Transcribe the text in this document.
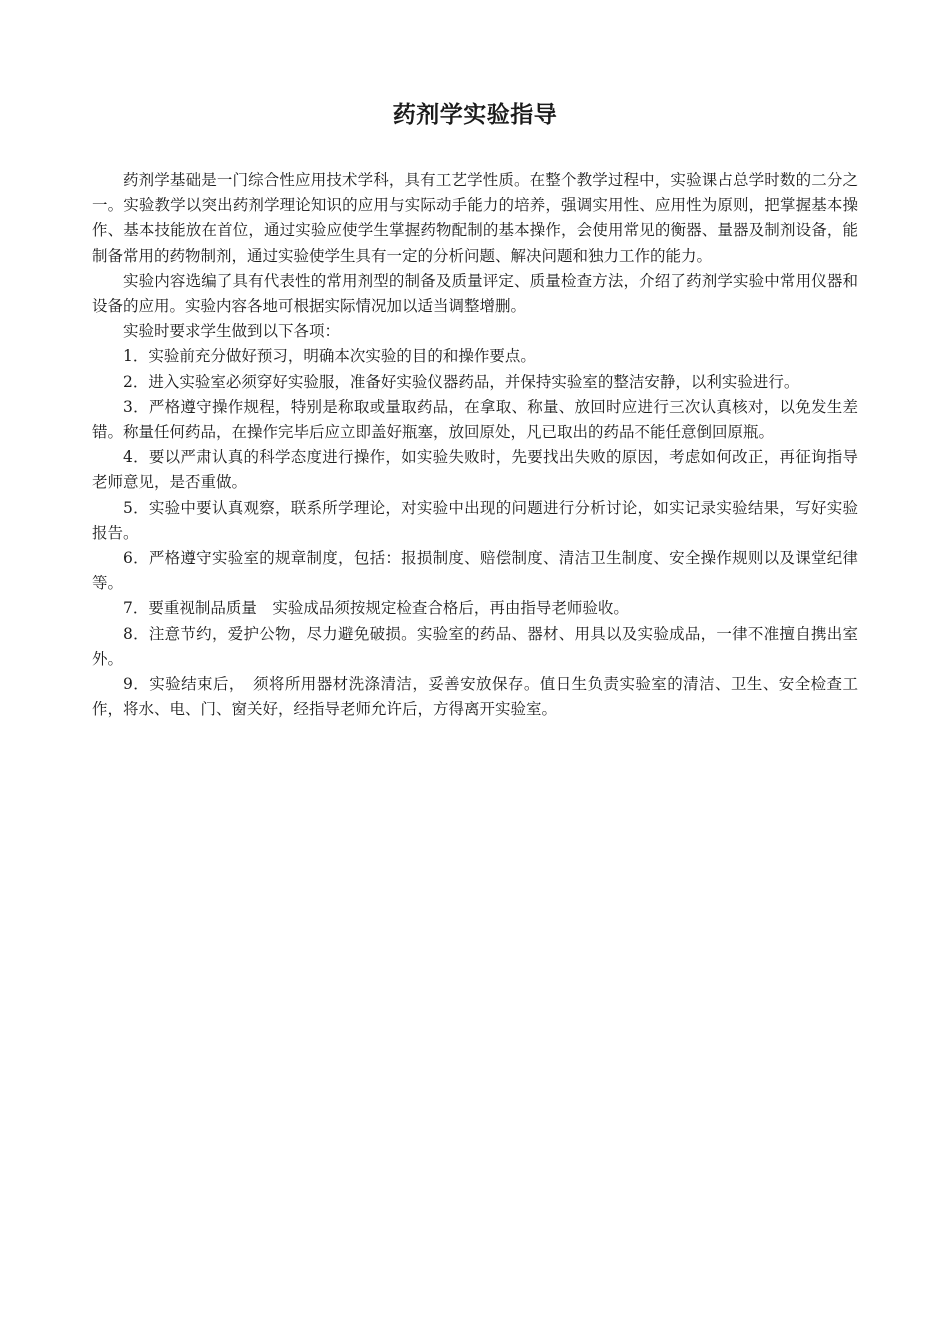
药剂学实验指导

药剂学基础是一门综合性应用技术学科，具有工艺学性质。在整个教学过程中，实验课占总学时数的二分之一。实验教学以突出药剂学理论知识的应用与实际动手能力的培养，强调实用性、应用性为原则，把掌握基本操作、基本技能放在首位，通过实验应使学生掌握药物配制的基本操作，会使用常见的衡器、量器及制剂设备，能制备常用的药物制剂，通过实验使学生具有一定的分析问题、解决问题和独力工作的能力。

实验内容选编了具有代表性的常用剂型的制备及质量评定、质量检查方法，介绍了药剂学实验中常用仪器和设备的应用。实验内容各地可根据实际情况加以适当调整增删。

实验时要求学生做到以下各项：

1．实验前充分做好预习，明确本次实验的目的和操作要点。

2．进入实验室必须穿好实验服，准备好实验仪器药品，并保持实验室的整洁安静，以利实验进行。

3．严格遵守操作规程，特别是称取或量取药品，在拿取、称量、放回时应进行三次认真核对，以免发生差错。称量任何药品，在操作完毕后应立即盖好瓶塞，放回原处，凡已取出的药品不能任意倒回原瓶。

4．要以严肃认真的科学态度进行操作，如实验失败时，先要找出失败的原因，考虑如何改正，再征询指导老师意见，是否重做。

5．实验中要认真观察，联系所学理论，对实验中出现的问题进行分析讨论，如实记录实验结果，写好实验报告。

6．严格遵守实验室的规章制度，包括：报损制度、赔偿制度、清洁卫生制度、安全操作规则以及课堂纪律等。

7．要重视制品质量　实验成品须按规定检查合格后，再由指导老师验收。

8．注意节约，爱护公物，尽力避免破损。实验室的药品、器材、用具以及实验成品，一律不准擅自携出室外。

9．实验结束后，　须将所用器材洗涤清洁，妥善安放保存。值日生负责实验室的清洁、卫生、安全检查工作，将水、电、门、窗关好，经指导老师允许后，方得离开实验室。
